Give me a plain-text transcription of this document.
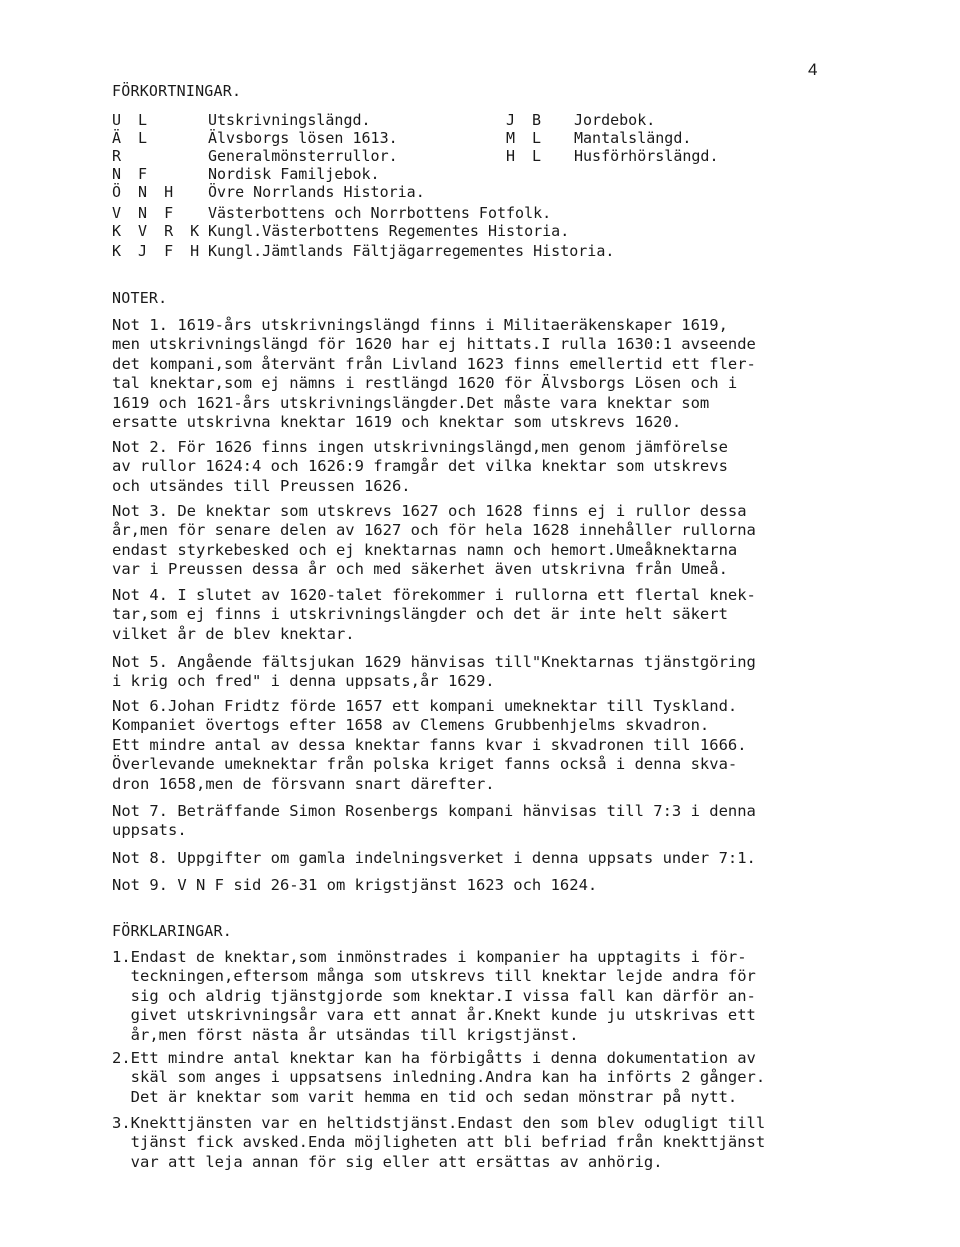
4
FÖRKORTNINGAR.
U L	Utskrivningslängd.	J B Jordebok.
Ä L	Älvsborgs lösen 1613.	M L Mantalslängd.
R	Generalmönsterrullor.	H L Husförhörslängd.
N F	Nordisk Familjebok.
Ö N H Övre Norrlands Historia.
V N F Västerbottens och Norrbottens Fotfolk.
K V R K Kungl.Västerbottens Regementes Historia.
K J F H Kungl.Jämtlands Fältjägarregementes Historia.
NOTER.
Not 1. 1619-års utskrivningslängd finns i Militaeräkenskaper 1619,
men utskrivningslängd för 1620 har ej hittats.I rulla 1630:1 avseende
det kompani,som återvänt från Livland 1623 finns emellertid ett fler-
tal knektar,som ej nämns i restlängd 1620 för Älvsborgs Lösen och i
1619 och 1621-års utskrivningslängder.Det måste vara knektar som
ersatte utskrivna knektar 1619 och knektar som utskrevs 1620.
Not 2. För 1626 finns ingen utskrivningslängd,men genom jämförelse
av rullor 1624:4 och 1626:9 framgår det vilka knektar som utskrevs
och utsändes till Preussen 1626.
Not 3. De knektar som utskrevs 1627 och 1628 finns ej i rullor dessa
år,men för senare delen av 1627 och för hela 1628 innehåller rullorna
endast styrkebesked och ej knektarnas namn och hemort.Umeåknektarna
var i Preussen dessa år och med säkerhet även utskrivna från Umeå.
Not 4. I slutet av 1620-talet förekommer i rullorna ett flertal knek-
tar,som ej finns i utskrivningslängder och det är inte helt säkert
vilket år de blev knektar.
Not 5. Angående fältsjukan 1629 hänvisas till"Knektarnas tjänstgöring
i krig och fred" i denna uppsats,år 1629.
Not 6.Johan Fridtz förde 1657 ett kompani umeknektar till Tyskland.
Kompaniet övertogs efter 1658 av Clemens Grubbenhjelms skvadron.
Ett mindre antal av dessa knektar fanns kvar i skvadronen till 1666.
Överlevande umeknektar från polska kriget fanns också i denna skva-
dron 1658,men de försvann snart därefter.
Not 7. Beträffande Simon Rosenbergs kompani hänvisas till 7:3 i denna
uppsats.
Not 8. Uppgifter om gamla indelningsverket i denna uppsats under 7:1.
Not 9. V N F sid 26-31 om krigstjänst 1623 och 1624.
FÖRKLARINGAR.
1.Endast de knektar,som inmönstrades i kompanier ha upptagits i för-
teckningen,eftersom många som utskrevs till knektar lejde andra för
sig och aldrig tjänstgjorde som knektar.I vissa fall kan därför an-
givet utskrivningsår vara ett annat år.Knekt kunde ju utskrivas ett
år,men först nästa år utsändas till krigstjänst.
2.Ett mindre antal knektar kan ha förbigåtts i denna dokumentation av
skäl som anges i uppsatsens inledning.Andra kan ha införts 2 gånger.
Det är knektar som varit hemma en tid och sedan mönstrar på nytt.
3.Knekttjänsten var en heltidstjänst.Endast den som blev odugligt till
tjänst fick avsked.Enda möjligheten att bli befriad från knekttjänst
var att leja annan för sig eller att ersättas av anhörig.
